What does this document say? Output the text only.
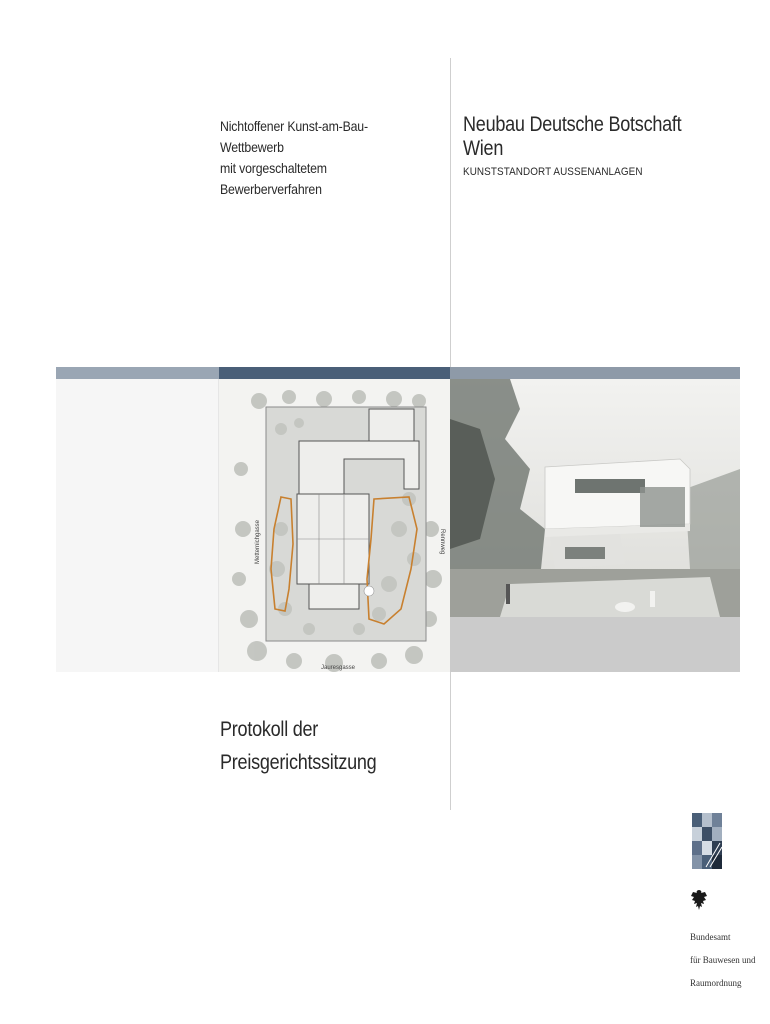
Nichtoffener Kunst-am-Bau-Wettbewerb
mit vorgeschaltetem Bewerberverfahren
Neubau Deutsche Botschaft Wien
KUNSTSTANDORT AUSSENANLAGEN
Metternichgasse	Rennweg
Jauresgasse
Protokoll der
Preisgerichtssitzung
Bundesamt
für Bauwesen und
Raumordnung
